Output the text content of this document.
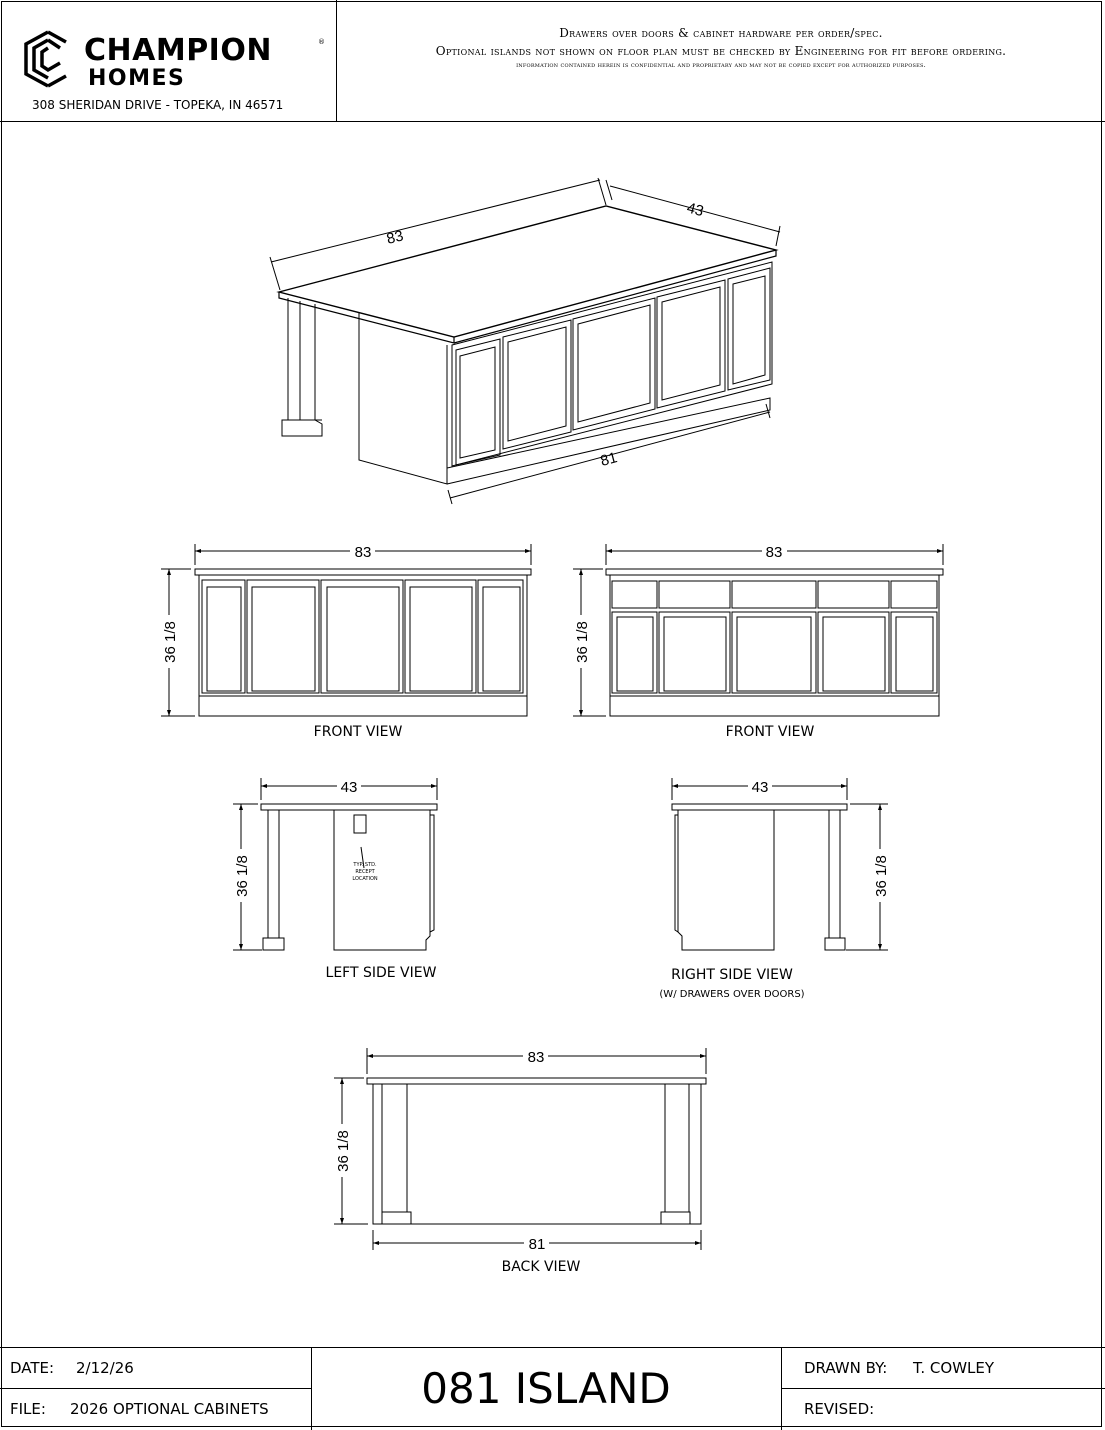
CHAMPION	®
HOMES
308 SHERIDAN DRIVE - TOPEKA, IN 46571
Drawers over doors & cabinet hardware per order/spec.
Optional islands not shown on floor plan must be checked by Engineering for fit before ordering.
information contained herein is confidential and proprietary and may not be copied except for authorized purposes.
83
43
81
83
36 1/8
FRONT VIEW
83
36 1/8
FRONT VIEW
43
36 1/8	TYP. STD.
RECEPT
LOCATION
LEFT SIDE VIEW
43
36 1/8
RIGHT SIDE VIEW
(W/ DRAWERS OVER DOORS)
83
36 1/8
81
BACK VIEW
DATE: 2/12/26
FILE: 2026 OPTIONAL CABINETS	081 ISLAND	DRAWN BY: T. COWLEY
REVISED:
